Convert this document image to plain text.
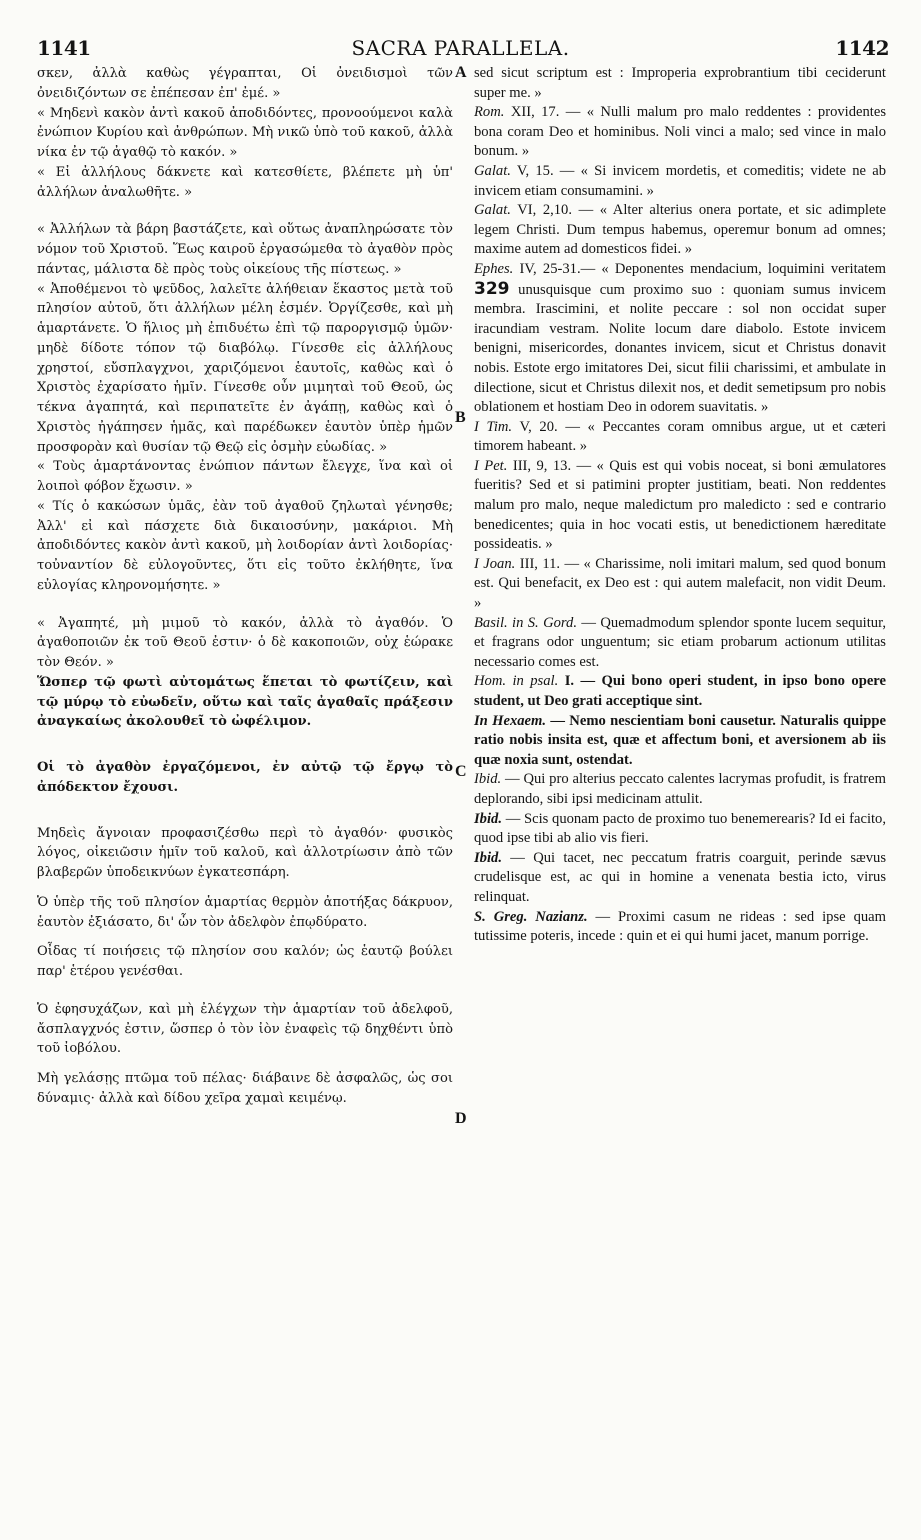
1141	SACRA PARALLELA.	1142
A
B
C
D

σκεν, ἀλλὰ καθὼς γέγραπται, Οἱ ὀνειδισμοὶ τῶν ὀνειδιζόντων σε ἐπέπεσαν ἐπ' ἐμέ. »

« Μηδενὶ κακὸν ἀντὶ κακοῦ ἀποδιδόντες, προνοούμενοι καλὰ ἐνώπιον Κυρίου καὶ ἀνθρώπων. Μὴ νικῶ ὑπὸ τοῦ κακοῦ, ἀλλὰ νίκα ἐν τῷ ἀγαθῷ τὸ κακόν. »

« Εἰ ἀλλήλους δάκνετε καὶ κατεσθίετε, βλέπετε μὴ ὑπ' ἀλλήλων ἀναλωθῆτε. »

« Ἀλλήλων τὰ βάρη βαστάζετε, καὶ οὕτως ἀναπληρώσατε τὸν νόμον τοῦ Χριστοῦ. Ἕως καιροῦ ἐργασώμεθα τὸ ἀγαθὸν πρὸς πάντας, μάλιστα δὲ πρὸς τοὺς οἰκείους τῆς πίστεως. »

« Ἀποθέμενοι τὸ ψεῦδος, λαλεῖτε ἀλήθειαν ἕκαστος μετὰ τοῦ πλησίον αὐτοῦ, ὅτι ἀλλήλων μέλη ἐσμέν. Ὀργίζεσθε, καὶ μὴ ἁμαρτάνετε. Ὁ ἥλιος μὴ ἐπιδυέτω ἐπὶ τῷ παροργισμῷ ὑμῶν· μηδὲ δίδοτε τόπον τῷ διαβόλῳ. Γίνεσθε εἰς ἀλλήλους χρηστοί, εὔσπλαγχνοι, χαριζόμενοι ἑαυτοῖς, καθὼς καὶ ὁ Χριστὸς ἐχαρίσατο ἡμῖν. Γίνεσθε οὖν μιμηταὶ τοῦ Θεοῦ, ὡς τέκνα ἀγαπητά, καὶ περιπατεῖτε ἐν ἀγάπῃ, καθὼς καὶ ὁ Χριστὸς ἠγάπησεν ἡμᾶς, καὶ παρέδωκεν ἑαυτὸν ὑπὲρ ἡμῶν προσφορὰν καὶ θυσίαν τῷ Θεῷ εἰς ὀσμὴν εὐωδίας. »

« Τοὺς ἁμαρτάνοντας ἐνώπιον πάντων ἔλεγχε, ἵνα καὶ οἱ λοιποὶ φόβον ἔχωσιν. »

« Τίς ὁ κακώσων ὑμᾶς, ἐὰν τοῦ ἀγαθοῦ ζηλωταὶ γένησθε; Ἀλλ' εἰ καὶ πάσχετε διὰ δικαιοσύνην, μακάριοι. Μὴ ἀποδιδόντες κακὸν ἀντὶ κακοῦ, μὴ λοιδορίαν ἀντὶ λοιδορίας· τοὐναντίον δὲ εὐλογοῦντες, ὅτι εἰς τοῦτο ἐκλήθητε, ἵνα εὐλογίας κληρονομήσητε. »

« Ἀγαπητέ, μὴ μιμοῦ τὸ κακόν, ἀλλὰ τὸ ἀγαθόν. Ὁ ἀγαθοποιῶν ἐκ τοῦ Θεοῦ ἐστιν· ὁ δὲ κακοποιῶν, οὐχ ἑώρακε τὸν Θεόν. »

Ὥσπερ τῷ φωτὶ αὐτομάτως ἕπεται τὸ φωτίζειν, καὶ τῷ μύρῳ τὸ εὐωδεῖν, οὕτω καὶ ταῖς ἀγαθαῖς πράξεσιν ἀναγκαίως ἀκολουθεῖ τὸ ὠφέλιμον.

Οἱ τὸ ἀγαθὸν ἐργαζόμενοι, ἐν αὐτῷ τῷ ἔργῳ τὸ ἀπόδεκτον ἔχουσι.

Μηδεὶς ἄγνοιαν προφασιζέσθω περὶ τὸ ἀγαθόν· φυσικὸς λόγος, οἰκειῶσιν ἡμῖν τοῦ καλοῦ, καὶ ἀλλοτρίωσιν ἀπὸ τῶν βλαβερῶν ὑποδεικνύων ἐγκατεσπάρη.

Ὁ ὑπὲρ τῆς τοῦ πλησίον ἁμαρτίας θερμὸν ἀποτήξας δάκρυον, ἑαυτὸν ἐξιάσατο, δι' ὧν τὸν ἀδελφὸν ἐπῳδύρατο.

Οἶδας τί ποιήσεις τῷ πλησίον σου καλόν; ὡς ἑαυτῷ βούλει παρ' ἑτέρου γενέσθαι.

Ὁ ἐφησυχάζων, καὶ μὴ ἐλέγχων τὴν ἁμαρτίαν τοῦ ἀδελφοῦ, ἄσπλαγχνός ἐστιν, ὥσπερ ὁ τὸν ἰὸν ἐναφεὶς τῷ δηχθέντι ὑπὸ τοῦ ἰοβόλου.

Μὴ γελάσῃς πτῶμα τοῦ πέλας· διάβαινε δὲ ἀσφαλῶς, ὡς σοι δύναμις· ἀλλὰ καὶ δίδου χεῖρα χαμαὶ κειμένῳ.

sed sicut scriptum est : Improperia exprobrantium tibi ceciderunt super me. »

Rom. XII, 17. — « Nulli malum pro malo reddentes : providentes bona coram Deo et hominibus. Noli vinci a malo; sed vince in malo bonum. »

Galat. V, 15. — « Si invicem mordetis, et comeditis; videte ne ab invicem etiam consumamini. »

Galat. VI, 2,10. — « Alter alterius onera portate, et sic adimplete legem Christi. Dum tempus habemus, operemur bonum ad omnes; maxime autem ad domesticos fidei. »

Ephes. IV, 25-31.— « Deponentes mendacium, loquimini veritatem 329 unusquisque cum proximo suo : quoniam sumus invicem membra. Irascimini, et nolite peccare : sol non occidat super iracundiam vestram. Nolite locum dare diabolo. Estote invicem benigni, misericordes, donantes invicem, sicut et Christus donavit nobis. Estote ergo imitatores Dei, sicut filii charissimi, et ambulate in dilectione, sicut et Christus dilexit nos, et dedit semetipsum pro nobis oblationem et hostiam Deo in odorem suavitatis. »

I Tim. V, 20. — « Peccantes coram omnibus argue, ut et cæteri timorem habeant. »

I Pet. III, 9, 13. — « Quis est qui vobis noceat, si boni æmulatores fueritis? Sed et si patimini propter justitiam, beati. Non reddentes malum pro malo, neque maledictum pro maledicto : sed e contrario benedicentes; quia in hoc vocati estis, ut benedictionem hæreditate possideatis. »

I Joan. III, 11. — « Charissime, noli imitari malum, sed quod bonum est. Qui benefacit, ex Deo est : qui autem malefacit, non vidit Deum. »

Basil. in S. Gord. — Quemadmodum splendor sponte lucem sequitur, et fragrans odor unguentum; sic etiam probarum actionum utilitas necessario comes est.

Hom. in psal. I. — Qui bono operi student, in ipso bono opere student, ut Deo grati acceptique sint.

In Hexaem. — Nemo nescientiam boni causetur. Naturalis quippe ratio nobis insita est, quæ et affectum boni, et aversionem ab iis quæ noxia sunt, ostendat.

Ibid. — Qui pro alterius peccato calentes lacrymas profudit, is fratrem deplorando, sibi ipsi medicinam attulit.

Ibid. — Scis quonam pacto de proximo tuo benemerearis? Id ei facito, quod ipse tibi ab alio vis fieri.

Ibid. — Qui tacet, nec peccatum fratris coarguit, perinde sævus crudelisque est, ac qui in homine a venenata bestia icto, virus relinquat.

S. Greg. Nazianz. — Proximi casum ne rideas : sed ipse quam tutissime poteris, incede : quin et ei qui humi jacet, manum porrige.
